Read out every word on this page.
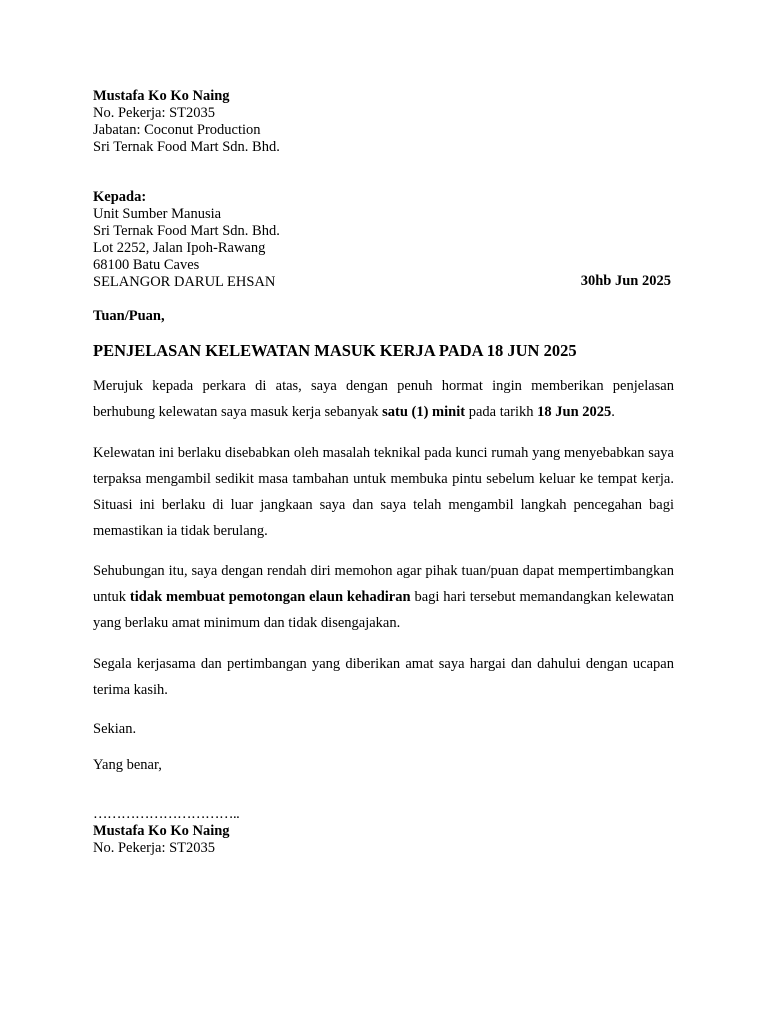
Mustafa Ko Ko Naing
No. Pekerja: ST2035
Jabatan: Coconut Production
Sri Ternak Food Mart Sdn. Bhd.
Kepada:
Unit Sumber Manusia
Sri Ternak Food Mart Sdn. Bhd.
Lot 2252, Jalan Ipoh-Rawang
68100 Batu Caves
SELANGOR DARUL EHSAN	30hb Jun 2025
Tuan/Puan,
PENJELASAN KELEWATAN MASUK KERJA PADA 18 JUN 2025

Merujuk kepada perkara di atas, saya dengan penuh hormat ingin memberikan penjelasan berhubung kelewatan saya masuk kerja sebanyak satu (1) minit pada tarikh 18 Jun 2025.

Kelewatan ini berlaku disebabkan oleh masalah teknikal pada kunci rumah yang menyebabkan saya terpaksa mengambil sedikit masa tambahan untuk membuka pintu sebelum keluar ke tempat kerja. Situasi ini berlaku di luar jangkaan saya dan saya telah mengambil langkah pencegahan bagi memastikan ia tidak berulang.

Sehubungan itu, saya dengan rendah diri memohon agar pihak tuan/puan dapat mempertimbangkan untuk tidak membuat pemotongan elaun kehadiran bagi hari tersebut memandangkan kelewatan yang berlaku amat minimum dan tidak disengajakan.

Segala kerjasama dan pertimbangan yang diberikan amat saya hargai dan dahului dengan ucapan terima kasih.

Sekian.
Yang benar,
…………………………..
Mustafa Ko Ko Naing
No. Pekerja: ST2035
